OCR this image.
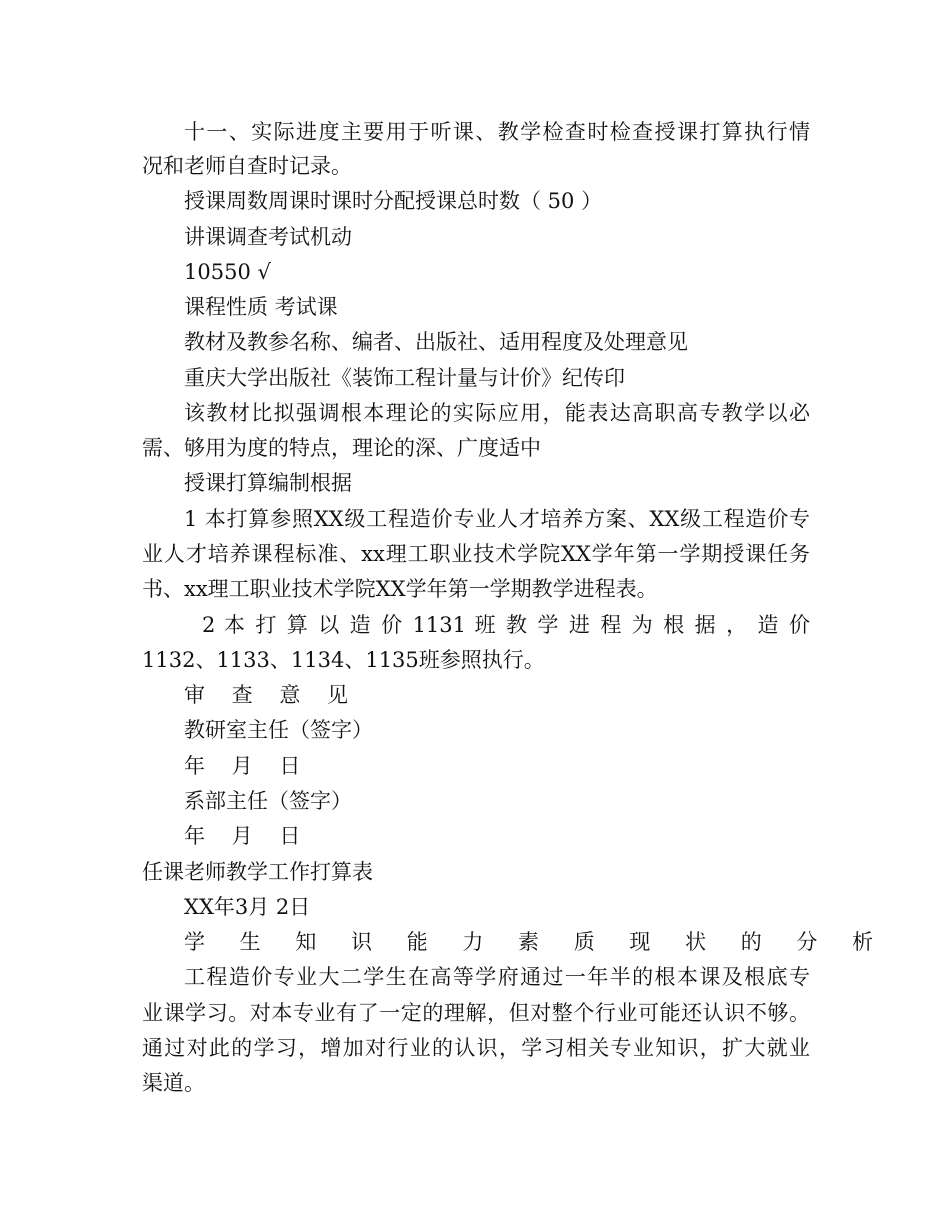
十一、实际进度主要用于听课、教学检查时检查授课打算执行情
况和老师自查时记录。
授课周数周课时课时分配授课总时数（ 50 ）
讲课调查考试机动
10550 √
课程性质 考试课
教材及教参名称、编者、出版社、适用程度及处理意见
重庆大学出版社《装饰工程计量与计价》纪传印
该教材比拟强调根本理论的实际应用，能表达高职高专教学以必
需、够用为度的特点，理论的深、广度适中
授课打算编制根据
1 本打算参照XX级工程造价专业人才培养方案、XX级工程造价专
业人才培养课程标准、xx理工职业技术学院XX学年第一学期授课任务
书、xx理工职业技术学院XX学年第一学期教学进程表。
2 本 打 算 以 造 价 1131 班 教 学 进 程 为 根 据 ， 造 价
1132、1133、1134、1135班参照执行。
审 查 意 见
教研室主任（签字）
年 月 日
系部主任（签字）
年 月 日
任课老师教学工作打算表
XX年3月 2日
学 生 知 识 能 力 素 质 现 状 的 分 析
工程造价专业大二学生在高等学府通过一年半的根本课及根底专
业课学习。对本专业有了一定的理解，但对整个行业可能还认识不够。
通过对此的学习，增加对行业的认识，学习相关专业知识，扩大就业
渠道。
